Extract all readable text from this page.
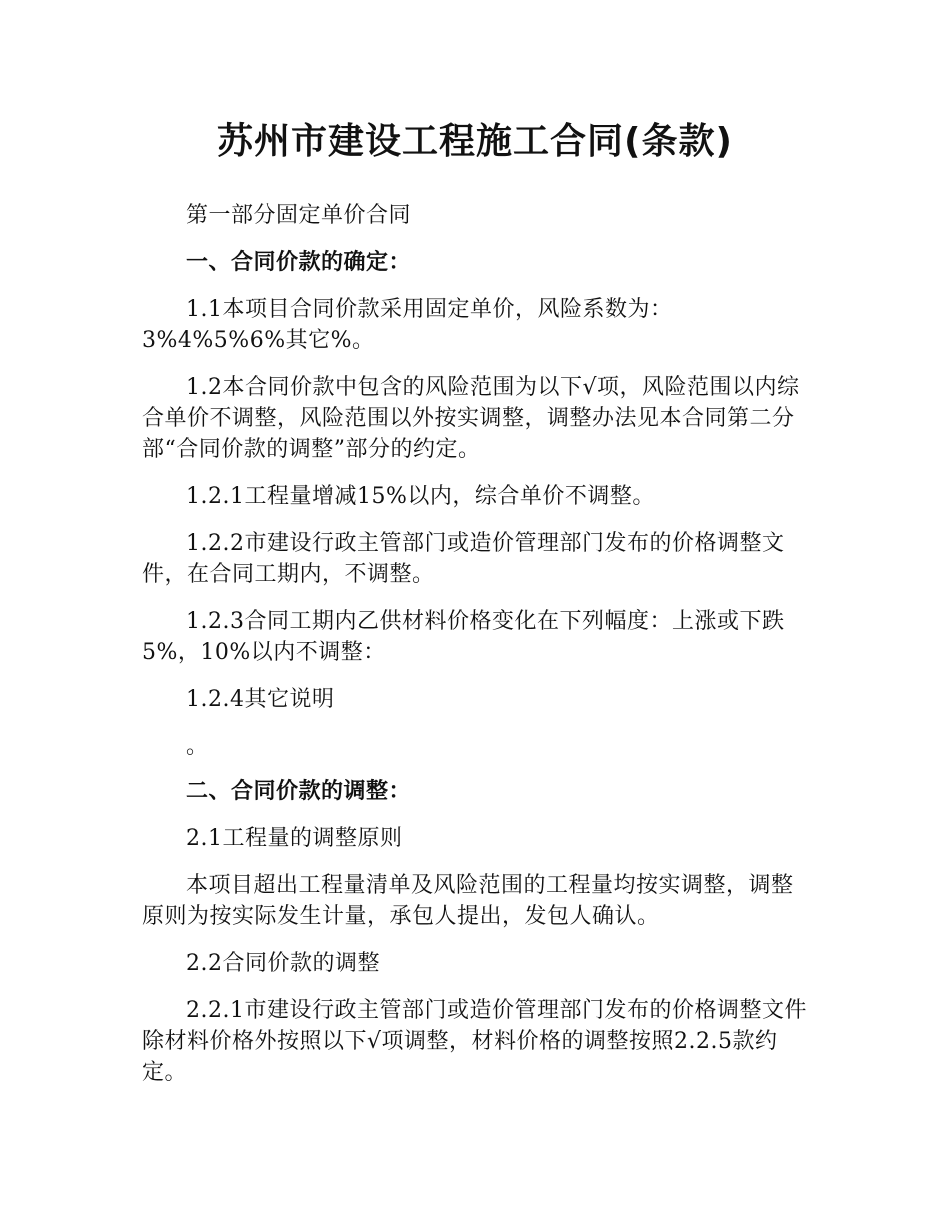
苏州市建设工程施工合同(条款)

第一部分固定单价合同

一、合同价款的确定：

1.1本项目合同价款采用固定单价，风险系数为：3%4%5%6%其它%。

1.2本合同价款中包含的风险范围为以下√项，风险范围以内综合单价不调整，风险范围以外按实调整，调整办法见本合同第二分部“合同价款的调整”部分的约定。

1.2.1工程量增减15%以内，综合单价不调整。

1.2.2市建设行政主管部门或造价管理部门发布的价格调整文件，在合同工期内，不调整。

1.2.3合同工期内乙供材料价格变化在下列幅度：上涨或下跌5%，10%以内不调整：

1.2.4其它说明

。

二、合同价款的调整：

2.1工程量的调整原则

本项目超出工程量清单及风险范围的工程量均按实调整，调整原则为按实际发生计量，承包人提出，发包人确认。

2.2合同价款的调整

2.2.1市建设行政主管部门或造价管理部门发布的价格调整文件除材料价格外按照以下√项调整，材料价格的调整按照2.2.5款约定。
